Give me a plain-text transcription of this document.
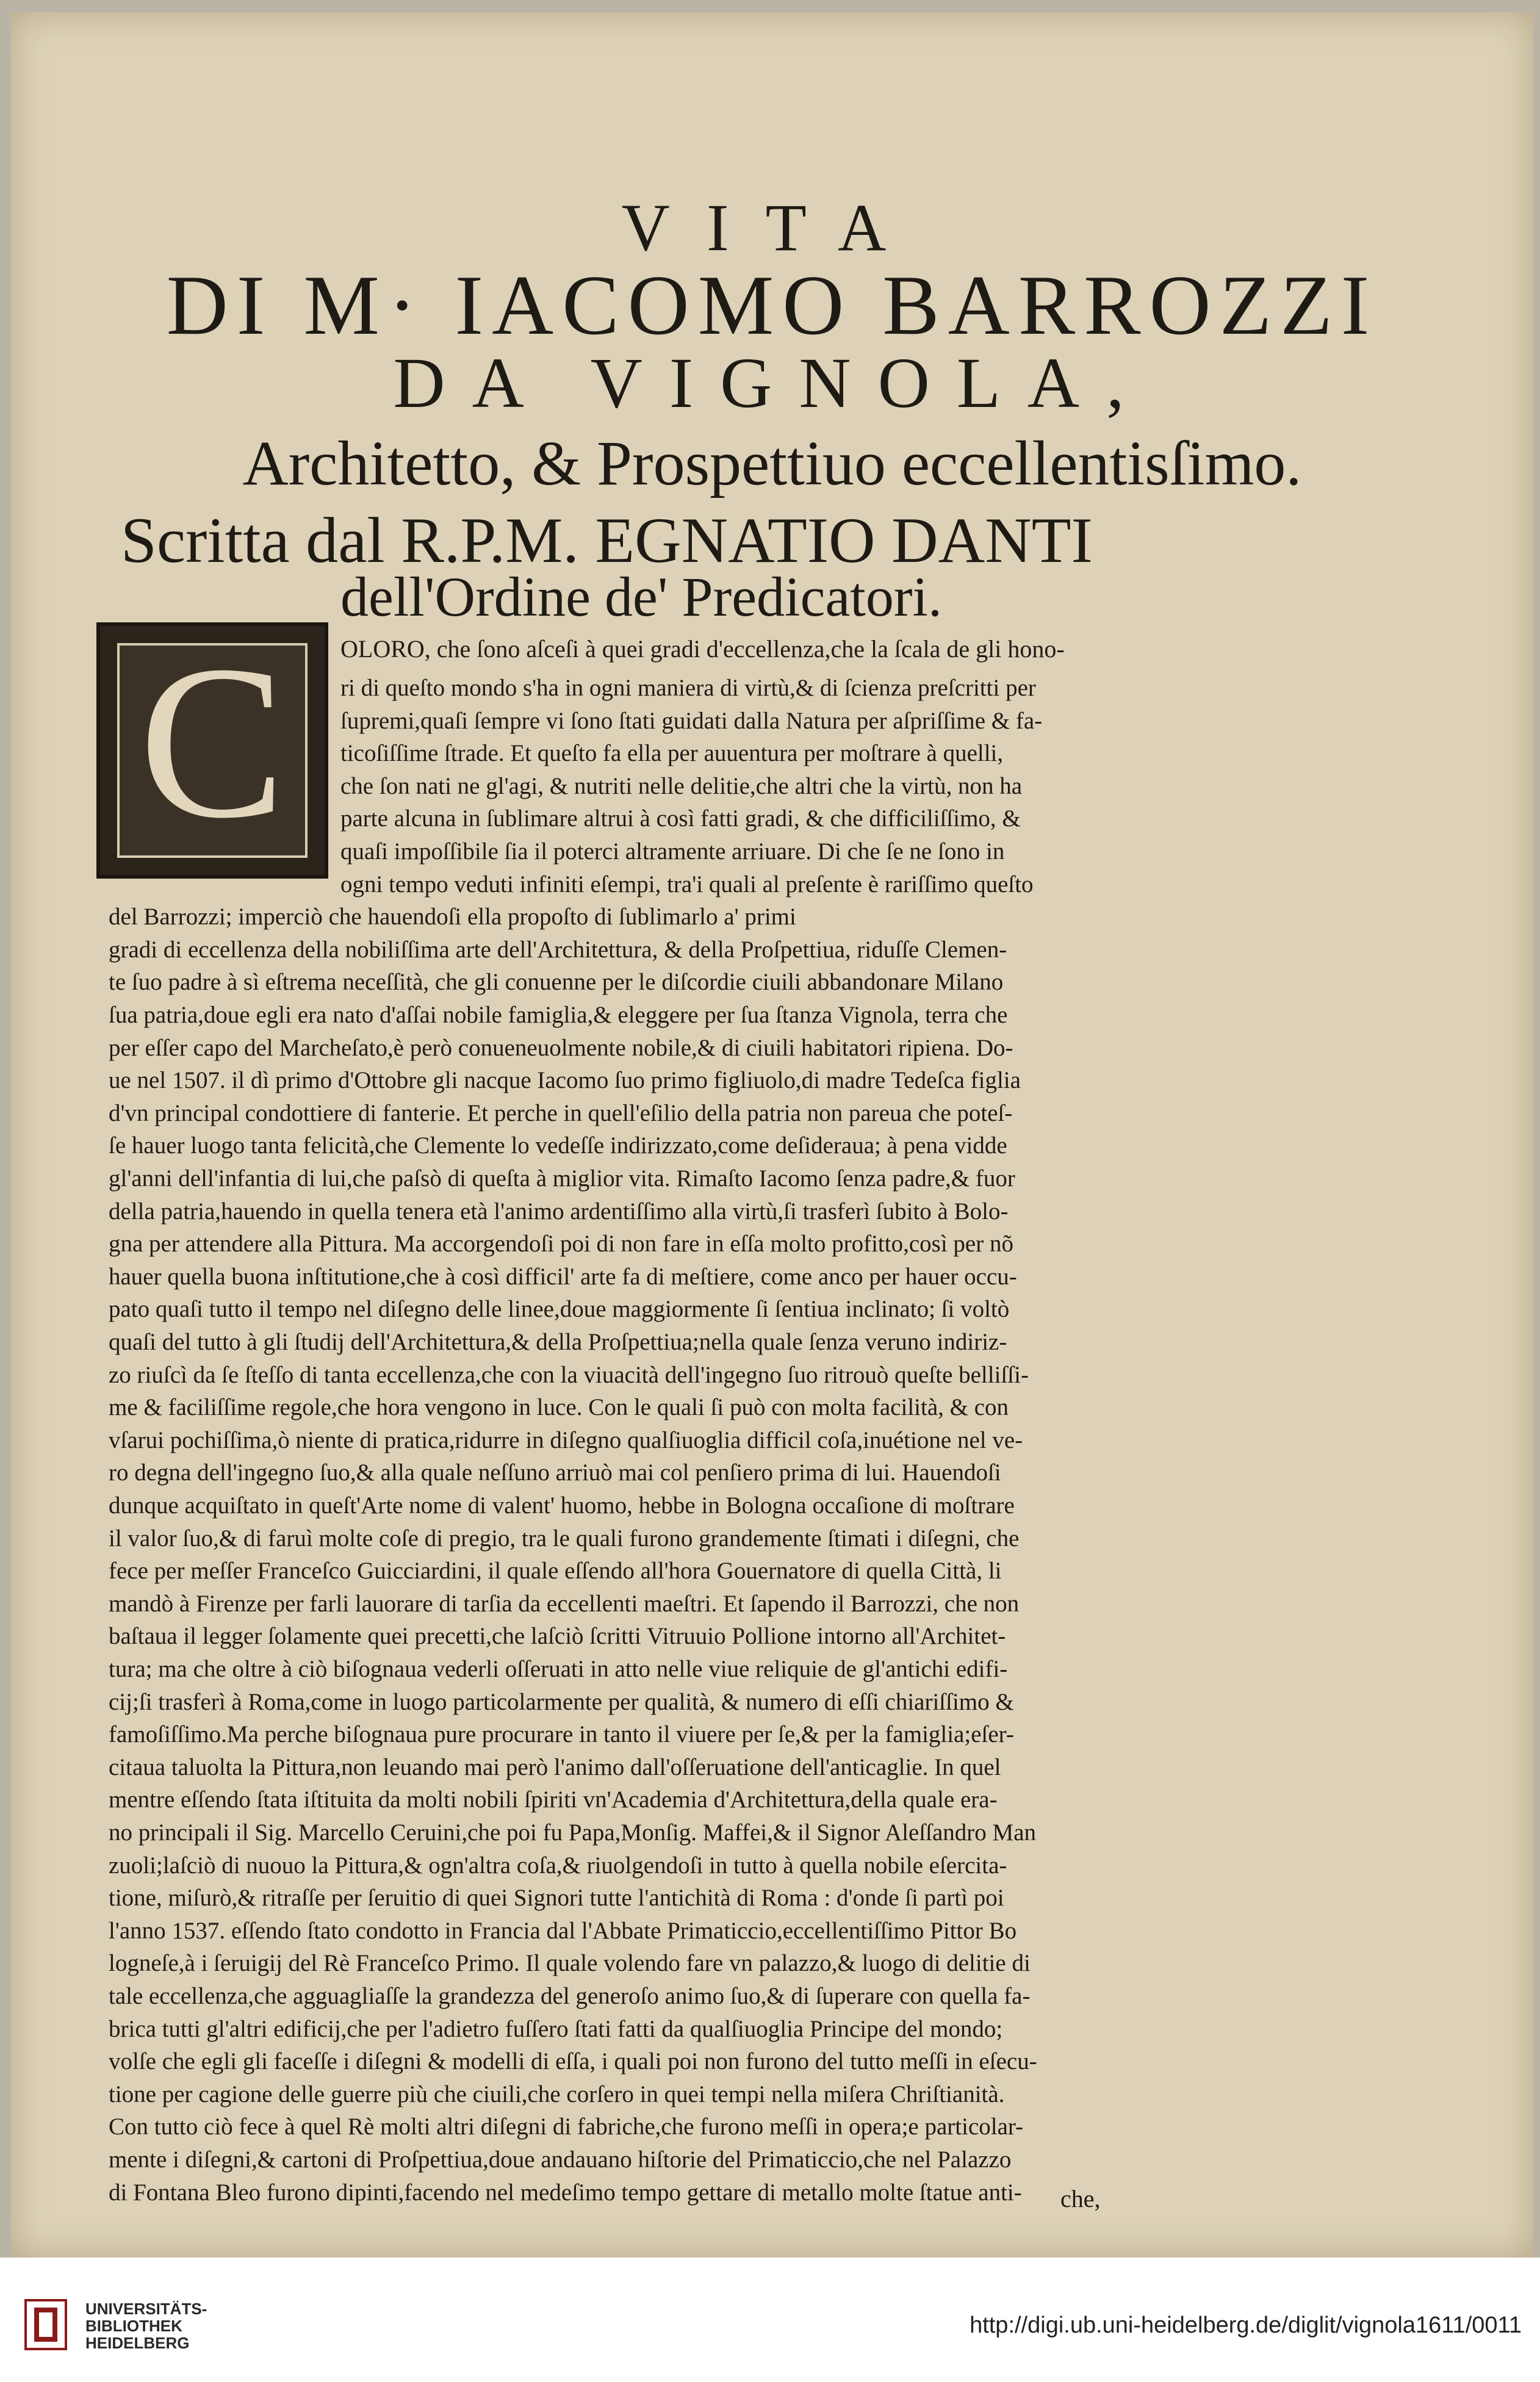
VITA
DI M· IACOMO BARROZZI
DA VIGNOLA,
Architetto, & Prospettiuo eccellentisſimo.
Scritta dal R.P.M. EGNATIO DANTI
dell'Ordine de' Predicatori.
C	OLORO, che ſono aſceſi à quei gradi d'eccellenza,che la ſcala de gli hono-
ri di queſto mondo s'ha in ogni maniera di virtù,& di ſcienza preſcritti per
ſupremi,quaſi ſempre vi ſono ſtati guidati dalla Natura per aſpriſſime & fa-
ticoſiſſime ſtrade. Et queſto fa ella per auuentura per moſtrare à quelli,
che ſon nati ne gl'agi, & nutriti nelle delitie,che altri che la virtù, non ha
parte alcuna in ſublimare altrui à così fatti gradi, & che difficiliſſimo, &
quaſi impoſſibile ſia il poterci altramente arriuare. Di che ſe ne ſono in
ogni tempo veduti infiniti eſempi, tra'i quali al preſente è rariſſimo queſto
del Barrozzi; imperciò che hauendoſi ella propoſto di ſublimarlo a' primi
gradi di eccellenza della nobiliſſima arte dell'Architettura, & della Proſpettiua, riduſſe Clemen-
te ſuo padre à sì eſtrema neceſſità, che gli conuenne per le diſcordie ciuili abbandonare Milano
ſua patria,doue egli era nato d'aſſai nobile famiglia,& eleggere per ſua ſtanza Vignola, terra che
per eſſer capo del Marcheſato,è però conueneuolmente nobile,& di ciuili habitatori ripiena. Do-
ue nel 1507. il dì primo d'Ottobre gli nacque Iacomo ſuo primo figliuolo,di madre Tedeſca figlia
d'vn principal condottiere di fanterie. Et perche in quell'eſilio della patria non pareua che poteſ-
ſe hauer luogo tanta felicità,che Clemente lo vedeſſe indirizzato,come deſideraua; à pena vidde
gl'anni dell'infantia di lui,che paſsò di queſta à miglior vita. Rimaſto Iacomo ſenza padre,& fuor
della patria,hauendo in quella tenera età l'animo ardentiſſimo alla virtù,ſi trasferì ſubito à Bolo-
gna per attendere alla Pittura. Ma accorgendoſi poi di non fare in eſſa molto profitto,così per nõ
hauer quella buona inſtitutione,che à così difficil' arte fa di meſtiere, come anco per hauer occu-
pato quaſi tutto il tempo nel diſegno delle linee,doue maggiormente ſi ſentiua inclinato; ſi voltò
quaſi del tutto à gli ſtudij dell'Architettura,& della Proſpettiua;nella quale ſenza veruno indiriz-
zo riuſcì da ſe ſteſſo di tanta eccellenza,che con la viuacità dell'ingegno ſuo ritrouò queſte belliſſi-
me & faciliſſime regole,che hora vengono in luce. Con le quali ſi può con molta facilità, & con
vſarui pochiſſima,ò niente di pratica,ridurre in diſegno qualſiuoglia difficil coſa,inuétione nel ve-
ro degna dell'ingegno ſuo,& alla quale neſſuno arriuò mai col penſiero prima di lui. Hauendoſi
dunque acquiſtato in queſt'Arte nome di valent' huomo, hebbe in Bologna occaſione di moſtrare
il valor ſuo,& di faruì molte coſe di pregio, tra le quali furono grandemente ſtimati i diſegni, che
fece per meſſer Franceſco Guicciardini, il quale eſſendo all'hora Gouernatore di quella Città, li
mandò à Firenze per farli lauorare di tarſia da eccellenti maeſtri. Et ſapendo il Barrozzi, che non
baſtaua il legger ſolamente quei precetti,che laſciò ſcritti Vitruuio Pollione intorno all'Architet-
tura; ma che oltre à ciò biſognaua vederli oſſeruati in atto nelle viue reliquie de gl'antichi edifi-
cij;ſi trasferì à Roma,come in luogo particolarmente per qualità, & numero di eſſi chiariſſimo &
famoſiſſimo.Ma perche biſognaua pure procurare in tanto il viuere per ſe,& per la famiglia;eſer-
citaua taluolta la Pittura,non leuando mai però l'animo dall'oſſeruatione dell'anticaglie. In quel
mentre eſſendo ſtata iſtituita da molti nobili ſpiriti vn'Academia d'Architettura,della quale era-
no principali il Sig. Marcello Ceruini,che poi fu Papa,Monſig. Maffei,& il Signor Aleſſandro Man
zuoli;laſciò di nuouo la Pittura,& ogn'altra coſa,& riuolgendoſi in tutto à quella nobile eſercita-
tione, miſurò,& ritraſſe per ſeruitio di quei Signori tutte l'antichità di Roma : d'onde ſi partì poi
l'anno 1537. eſſendo ſtato condotto in Francia dal l'Abbate Primaticcio,eccellentiſſimo Pittor Bo
logneſe,à i ſeruigij del Rè Franceſco Primo. Il quale volendo fare vn palazzo,& luogo di delitie di
tale eccellenza,che agguagliaſſe la grandezza del generoſo animo ſuo,& di ſuperare con quella fa-
brica tutti gl'altri edificij,che per l'adietro fuſſero ſtati fatti da qualſiuoglia Principe del mondo;
volſe che egli gli faceſſe i diſegni & modelli di eſſa, i quali poi non furono del tutto meſſi in eſecu-
tione per cagione delle guerre più che ciuili,che corſero in quei tempi nella miſera Chriſtianità.
Con tutto ciò fece à quel Rè molti altri diſegni di fabriche,che furono meſſi in opera;e particolar-
mente i diſegni,& cartoni di Proſpettiua,doue andauano hiſtorie del Primaticcio,che nel Palazzo
di Fontana Bleo furono dipinti,facendo nel medeſimo tempo gettare di metallo molte ſtatue anti-	che,
UNIVERSITÄTS-
BIBLIOTHEK
HEIDELBERG
http://digi.ub.uni-heidelberg.de/diglit/vignola1611/0011
